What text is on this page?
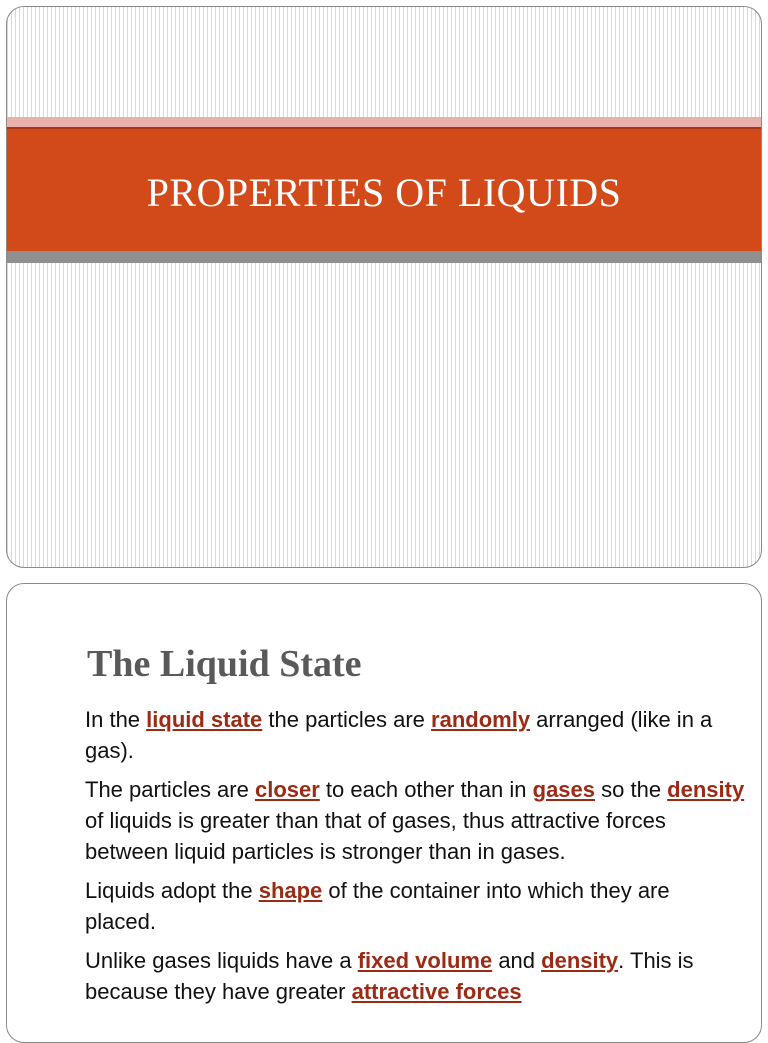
PROPERTIES OF LIQUIDS
The Liquid State

In the liquid state the particles are randomly arranged (like in a gas).

The particles are closer to each other than in gases so the density of liquids is greater than that of gases, thus attractive forces between liquid particles is stronger than in gases.

Liquids adopt the shape of the container into which they are placed.

Unlike gases liquids have a fixed volume and density. This is because they have greater attractive forces
